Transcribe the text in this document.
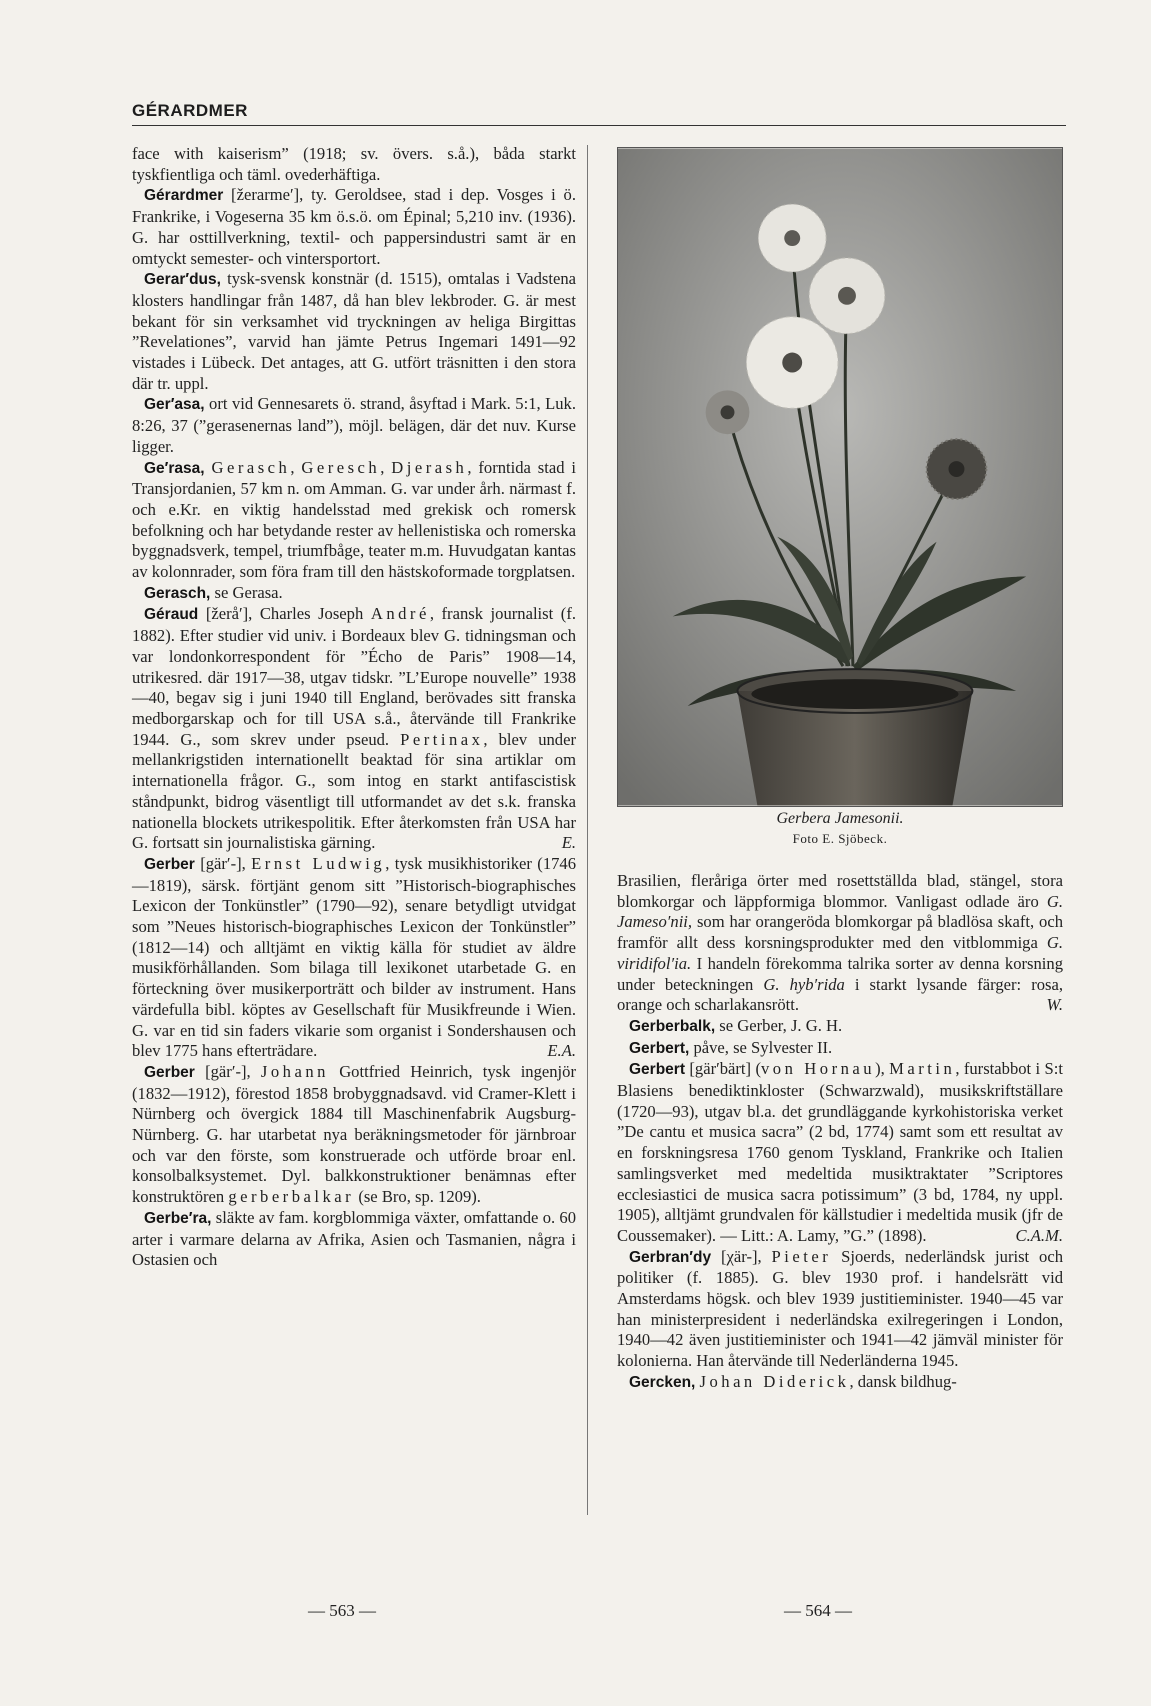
GÉRARDMER

face with kaiserism” (1918; sv. övers. s.å.), båda starkt tyskfientliga och täml. ovederhäftiga.

Gérardmer [žerarme′], ty. Geroldsee, stad i dep. Vosges i ö. Frankrike, i Vogeserna 35 km ö.s.ö. om Épinal; 5,210 inv. (1936). G. har osttillverkning, textil- och pappersindustri samt är en omtyckt semester- och vintersportort.

Gerar′dus, tysk-svensk konstnär (d. 1515), omtalas i Vadstena klosters handlingar från 1487, då han blev lekbroder. G. är mest bekant för sin verksamhet vid tryckningen av heliga Birgittas ”Revelationes”, varvid han jämte Petrus Ingemari 1491—92 vistades i Lübeck. Det antages, att G. utfört träsnitten i den stora där tr. uppl.

Ger′asa, ort vid Gennesarets ö. strand, åsyftad i Mark. 5:1, Luk. 8:26, 37 (”gerasenernas land”), möjl. belägen, där det nuv. Kurse ligger.

Ge′rasa, Gerasch, Geresch, Djerash, forntida stad i Transjordanien, 57 km n. om Amman. G. var under årh. närmast f. och e.Kr. en viktig handelsstad med grekisk och romersk befolkning och har betydande rester av hellenistiska och romerska byggnadsverk, tempel, triumfbåge, teater m.m. Huvudgatan kantas av kolonnrader, som föra fram till den hästskoformade torgplatsen.

Gerasch, se Gerasa.

Géraud [žerå′], Charles Joseph André, fransk journalist (f. 1882). Efter studier vid univ. i Bordeaux blev G. tidningsman och var londonkorrespondent för ”Écho de Paris” 1908—14, utrikesred. där 1917—38, utgav tidskr. ”L’Europe nouvelle” 1938—40, begav sig i juni 1940 till England, berövades sitt franska medborgarskap och for till USA s.å., återvände till Frankrike 1944. G., som skrev under pseud. Pertinax, blev under mellankrigstiden internationellt beaktad för sina artiklar om internationella frågor. G., som intog en starkt antifascistisk ståndpunkt, bidrog väsentligt till utformandet av det s.k. franska nationella blockets utrikespolitik. Efter återkomsten från USA har G. fortsatt sin journalistiska gärning.	E.

Gerber [gär′-], Ernst Ludwig, tysk musikhistoriker (1746—1819), särsk. förtjänt genom sitt ”Historisch-biographisches Lexicon der Tonkünstler” (1790—92), senare betydligt utvidgat som ”Neues historisch-biographisches Lexicon der Tonkünstler” (1812—14) och alltjämt en viktig källa för studiet av äldre musikförhållanden. Som bilaga till lexikonet utarbetade G. en förteckning över musikerporträtt och bilder av instrument. Hans värdefulla bibl. köptes av Gesellschaft für Musikfreunde i Wien. G. var en tid sin faders vikarie som organist i Sondershausen och blev 1775 hans efterträdare.	E.A.

Gerber [gär′-], Johann Gottfried Heinrich, tysk ingenjör (1832—1912), förestod 1858 brobyggnadsavd. vid Cramer-Klett i Nürnberg och övergick 1884 till Maschinenfabrik Augsburg-Nürnberg. G. har utarbetat nya beräkningsmetoder för järnbroar och var den förste, som konstruerade och utförde broar enl. konsolbalksystemet. Dyl. balkkonstruktioner benämnas efter konstruktören gerberbalkar (se Bro, sp. 1209).

Gerbe′ra, släkte av fam. korgblommiga växter, omfattande o. 60 arter i varmare delarna av Afrika, Asien och Tasmanien, några i Ostasien och

Gerbera Jamesonii.
Foto E. Sjöbeck.

Brasilien, fleråriga örter med rosettställda blad, stängel, stora blomkorgar och läppformiga blommor. Vanligast odlade äro G. Jameso′nii, som har orangeröda blomkorgar på bladlösa skaft, och framför allt dess korsningsprodukter med den vitblommiga G. viridifol′ia. I handeln förekomma talrika sorter av denna korsning under beteckningen G. hyb′rida i starkt lysande färger: rosa, orange och scharlakansrött.	W.

Gerberbalk, se Gerber, J. G. H.

Gerbert, påve, se Sylvester II.

Gerbert [gär′bärt] (von Hornau), Martin, furstabbot i S:t Blasiens benediktinkloster (Schwarzwald), musikskriftställare (1720—93), utgav bl.a. det grundläggande kyrkohistoriska verket ”De cantu et musica sacra” (2 bd, 1774) samt som ett resultat av en forskningsresa 1760 genom Tyskland, Frankrike och Italien samlingsverket med medeltida musiktraktater ”Scriptores ecclesiastici de musica sacra potissimum” (3 bd, 1784, ny uppl. 1905), alltjämt grundvalen för källstudier i medeltida musik (jfr de Coussemaker). — Litt.: A. Lamy, ”G.” (1898).	C.A.M.

Gerbran′dy [χär-], Pieter Sjoerds, nederländsk jurist och politiker (f. 1885). G. blev 1930 prof. i handelsrätt vid Amsterdams högsk. och blev 1939 justitieminister. 1940—45 var han ministerpresident i nederländska exilregeringen i London, 1940—42 även justitieminister och 1941—42 jämväl minister för kolonierna. Han återvände till Nederländerna 1945.

Gercken, Johan Diderick, dansk bildhug-

— 563 —	— 564 —
